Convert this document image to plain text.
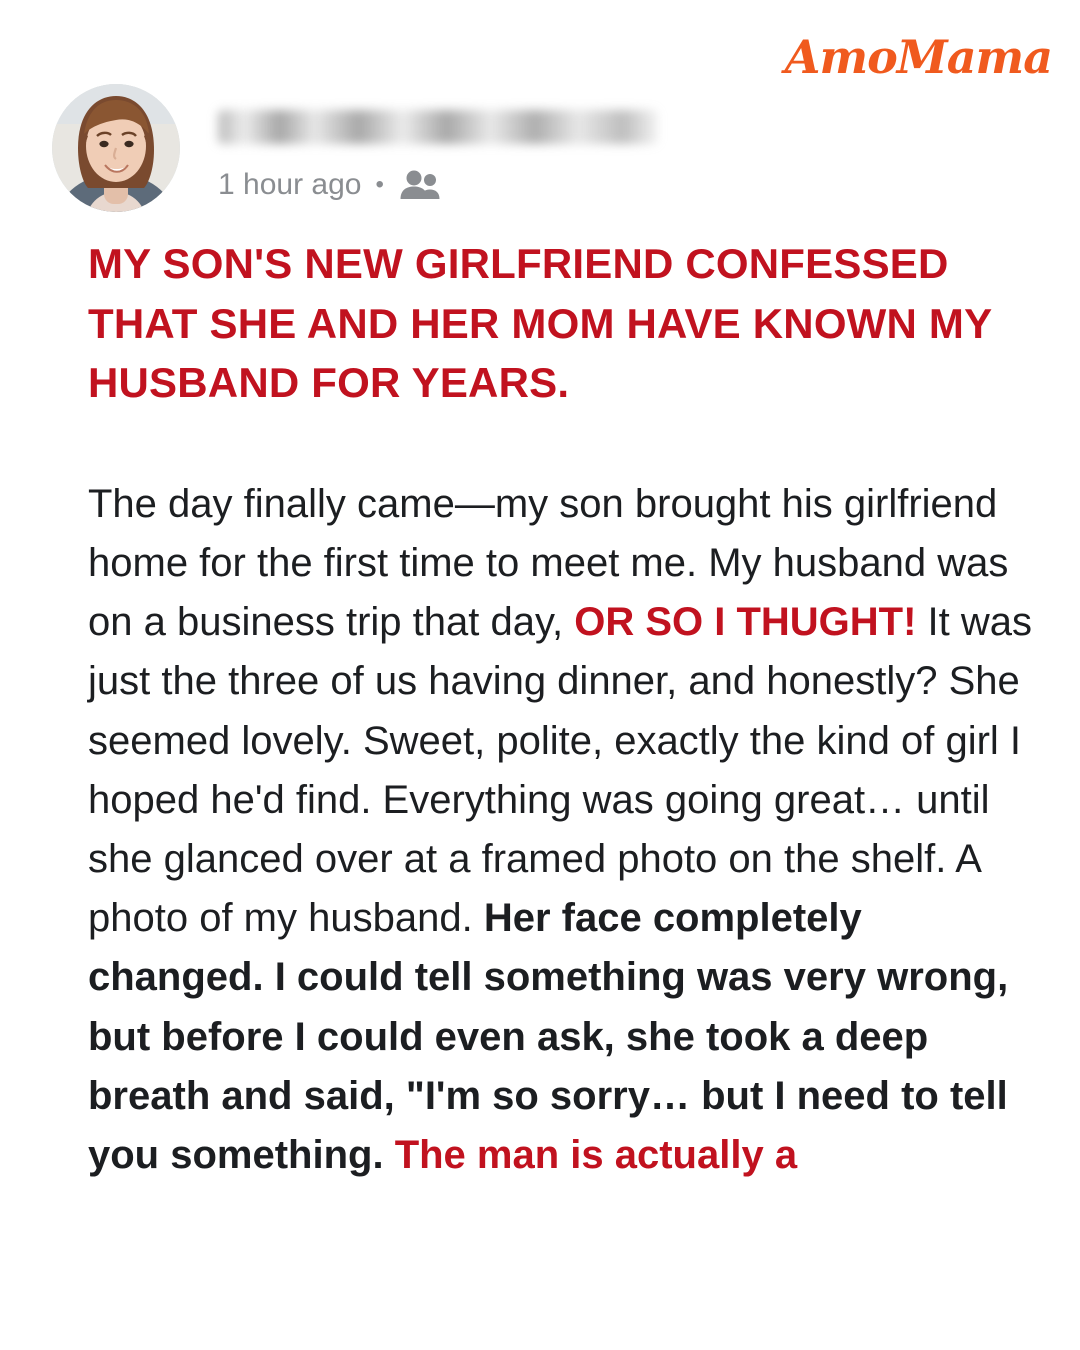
AmoMama
1 hour ago •
MY SON'S NEW GIRLFRIEND CONFESSED THAT SHE AND HER MOM HAVE KNOWN MY HUSBAND FOR YEARS.

The day finally came—my son brought his girlfriend home for the first time to meet me. My husband was on a business trip that day, OR SO I THUGHT! It was just the three of us having dinner, and honestly? She seemed lovely. Sweet, polite, exactly the kind of girl I hoped he'd find. Everything was going great… until she glanced over at a framed photo on the shelf. A photo of my husband. Her face completely changed. I could tell something was very wrong, but before I could even ask, she took a deep breath and said, "I'm so sorry… but I need to tell you something. The man is actually a
